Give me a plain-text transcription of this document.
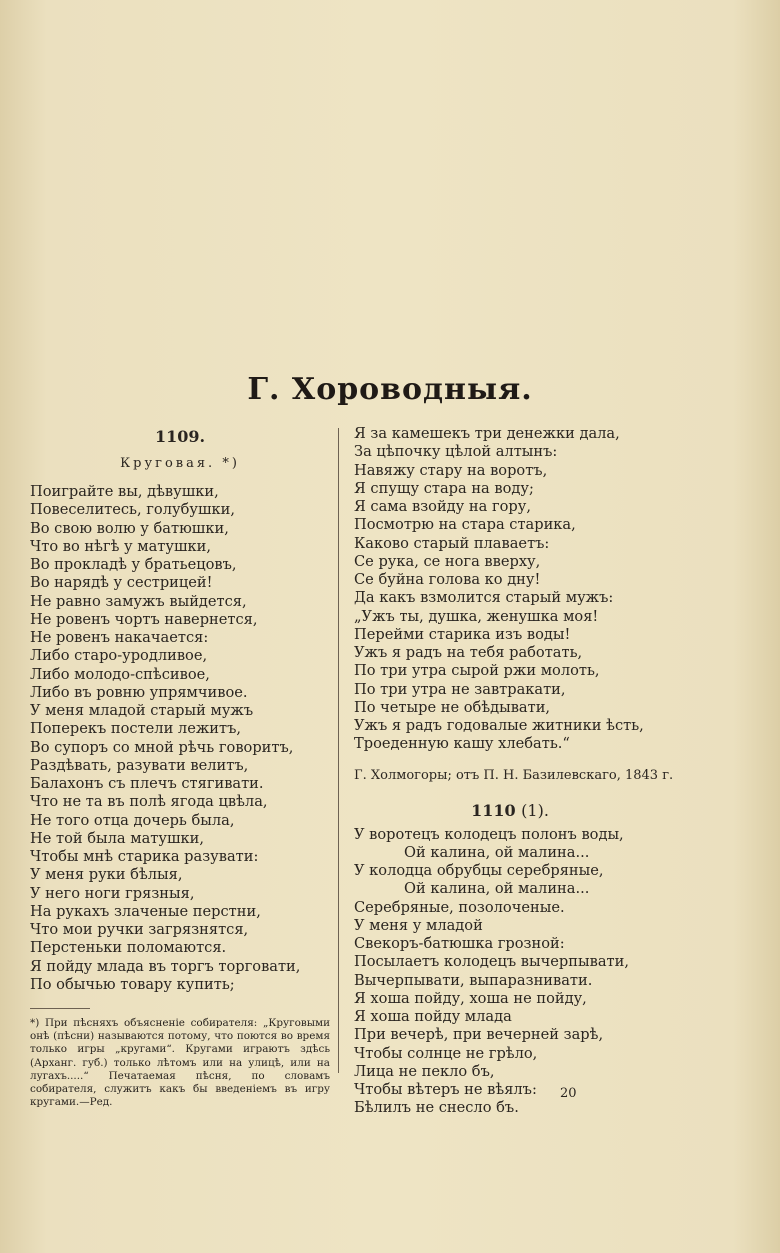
Г. Хороводныя.
1109.
Круговая. *)
Поиграйте вы, дѣвушки,
Повеселитесь, голубушки,
Во свою волю у батюшки,
Что во нѣгѣ у матушки,
Во прокладѣ у братьецовъ,
Во нарядѣ у сестрицей!
Не равно замужъ выйдется,
Не ровенъ чортъ навернется,
Не ровенъ накачается:
Либо старо-уродливое,
Либо молодо-спѣсивое,
Либо въ ровню упрямчивое.
У меня младой старый мужъ
Поперекъ постели лежитъ,
Во супоръ со мной рѣчь говоритъ,
Раздѣвать, разувати велитъ,
Балахонъ съ плечъ стягивати.
Что не та въ полѣ ягода цвѣла,
Не того отца дочерь была,
Не той была матушки,
Чтобы мнѣ старика разувати:
У меня руки бѣлыя,
У него ноги грязныя,
На рукахъ злаченые перстни,
Что мои ручки загрязнятся,
Перстеньки поломаются.
Я пойду млада въ торгъ торговати,
По обычью товару купить;
*) При пѣсняхъ объясненіе собирателя: „Круговыми онѣ (пѣсни) называются потому, что поются во время только игры „кругами“. Кругами играютъ здѣсь (Арханг. губ.) только лѣтомъ или на улицѣ, или на лугахъ.....“ Печатаемая пѣсня, по словамъ собирателя, служитъ какъ бы введеніемъ въ игру кругами.—Ред.
Я за камешекъ три денежки дала,
За цѣпочку цѣлой алтынъ:
Навяжу стару на воротъ,
Я спущу стара на воду;
Я сама взойду на гору,
Посмотрю на стара старика,
Каково старый плаваетъ:
Се рука, се нога вверху,
Се буйна голова ко дну!
Да какъ взмолится старый мужъ:
„Ужъ ты, душка, женушка моя!
Перейми старика изъ воды!
Ужъ я радъ на тебя работать,
По три утра сырой ржи молоть,
По три утра не завтракати,
По четыре не обѣдывати,
Ужъ я радъ годовалые житники ѣсть,
Троеденную кашу хлебать.“
Г. Холмогоры; отъ П. Н. Базилевскаго, 1843 г.
1110 (1).
У воротецъ колодецъ полонъ воды,
Ой калина, ой малина...
У колодца обрубцы серебряные,
Ой калина, ой малина...
Серебряные, позолоченые.
У меня у младой
Свекоръ-батюшка грозной:
Посылаетъ колодецъ вычерпывати,
Вычерпывати, выпаразнивати.
Я хоша пойду, хоша не пойду,
Я хоша пойду млада
При вечерѣ, при вечерней зарѣ,
Чтобы солнце не грѣло,
Лица не пекло бъ,
Чтобы вѣтеръ не вѣялъ:
Бѣлилъ не снесло бъ.
20
